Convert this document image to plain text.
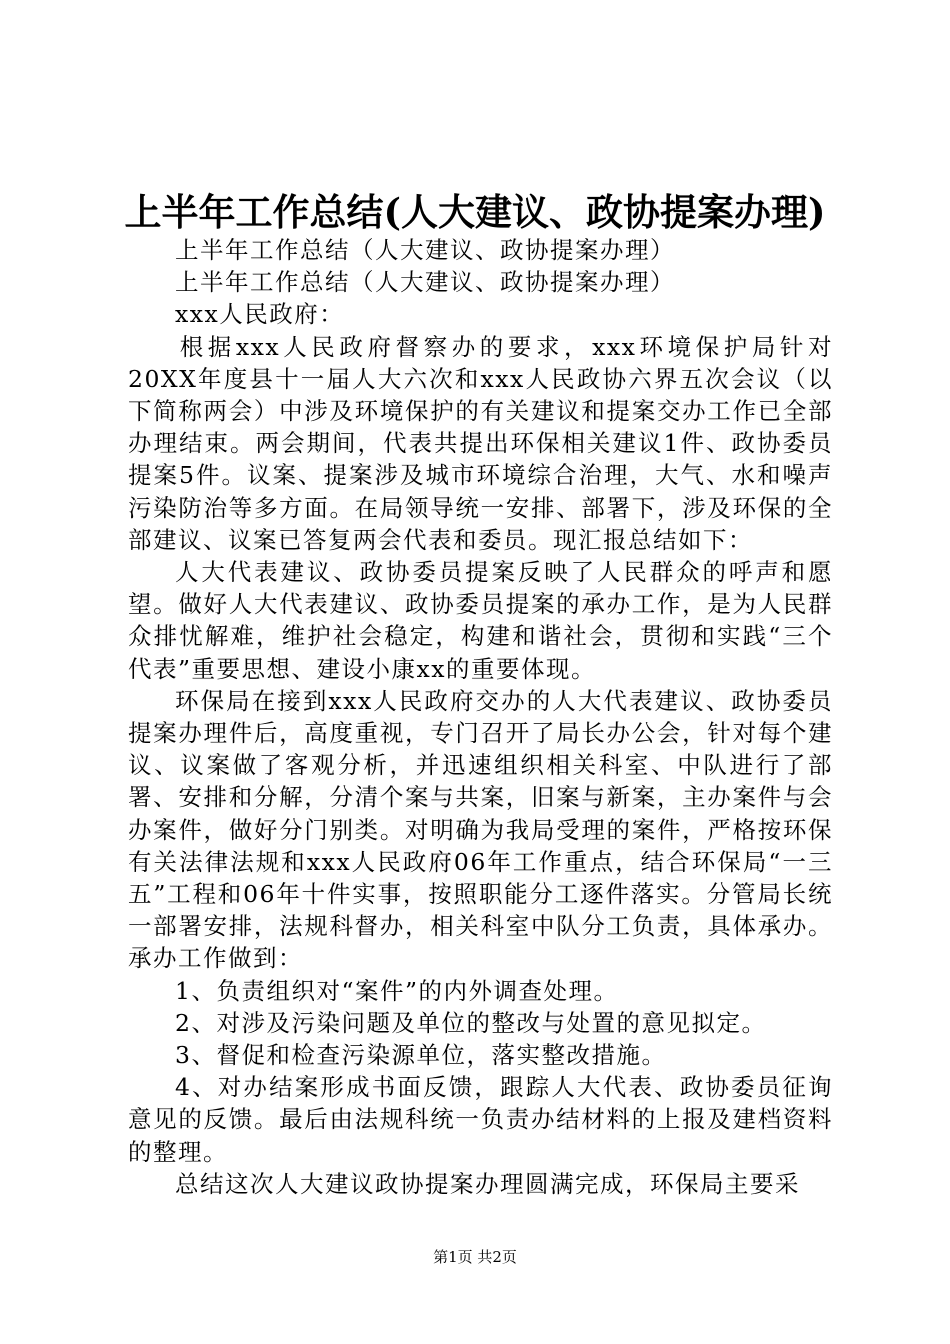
上半年工作总结(人大建议、政协提案办理)

上半年工作总结（人大建议、政协提案办理）

上半年工作总结（人大建议、政协提案办理）

xxx人民政府：

根据xxx人民政府督察办的要求，xxx环境保护局针对20XX年度县十一届人大六次和xxx人民政协六界五次会议（以下简称两会）中涉及环境保护的有关建议和提案交办工作已全部办理结束。两会期间，代表共提出环保相关建议1件、政协委员提案5件。议案、提案涉及城市环境综合治理，大气、水和噪声污染防治等多方面。在局领导统一安排、部署下，涉及环保的全部建议、议案已答复两会代表和委员。现汇报总结如下：

人大代表建议、政协委员提案反映了人民群众的呼声和愿望。做好人大代表建议、政协委员提案的承办工作，是为人民群众排忧解难，维护社会稳定，构建和谐社会，贯彻和实践“三个代表”重要思想、建设小康xx的重要体现。

环保局在接到xxx人民政府交办的人大代表建议、政协委员提案办理件后，高度重视，专门召开了局长办公会，针对每个建议、议案做了客观分析，并迅速组织相关科室、中队进行了部署、安排和分解，分清个案与共案，旧案与新案，主办案件与会办案件，做好分门别类。对明确为我局受理的案件，严格按环保有关法律法规和xxx人民政府06年工作重点，结合环保局“一三五”工程和06年十件实事，按照职能分工逐件落实。分管局长统一部署安排，法规科督办，相关科室中队分工负责，具体承办。承办工作做到：

1、负责组织对“案件”的内外调查处理。

2、对涉及污染问题及单位的整改与处置的意见拟定。

3、督促和检查污染源单位，落实整改措施。

4、对办结案形成书面反馈，跟踪人大代表、政协委员征询意见的反馈。最后由法规科统一负责办结材料的上报及建档资料的整理。

总结这次人大建议政协提案办理圆满完成，环保局主要采

第1页 共2页
